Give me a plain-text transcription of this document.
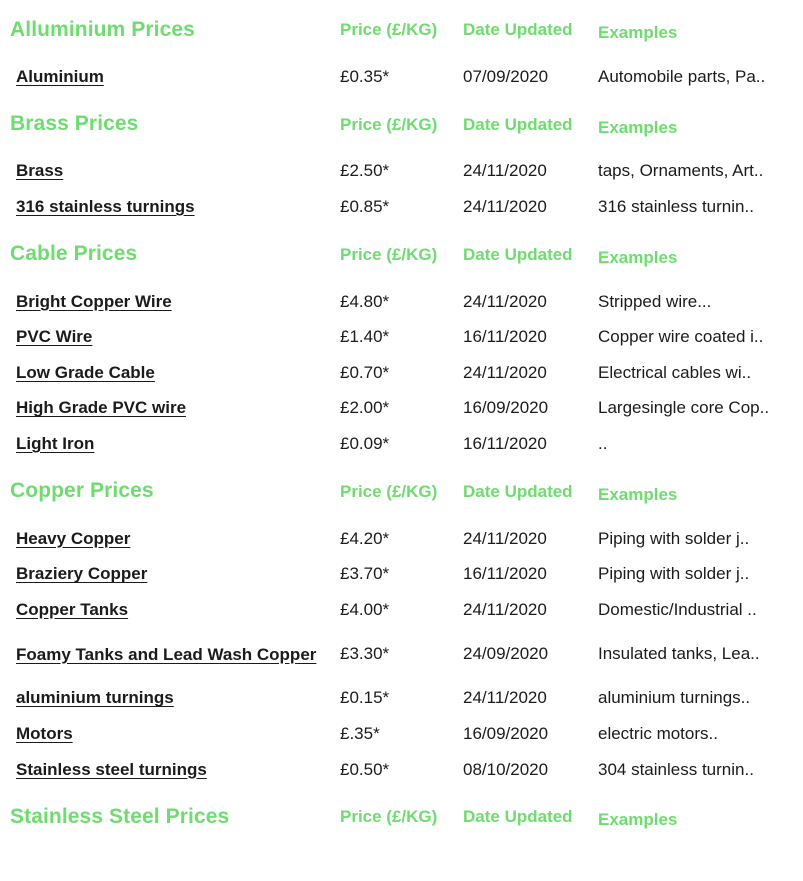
Alluminium Prices	Price (£/KG)	Date Updated	Examples
Aluminium	£0.35*	07/09/2020	Automobile parts, Pa..
Brass Prices	Price (£/KG)	Date Updated	Examples
Brass	£2.50*	24/11/2020	taps, Ornaments, Art..
316 stainless turnings	£0.85*	24/11/2020	316 stainless turnin..
Cable Prices	Price (£/KG)	Date Updated	Examples
Bright Copper Wire	£4.80*	24/11/2020	Stripped wire...
PVC Wire	£1.40*	16/11/2020	Copper wire coated i..
Low Grade Cable	£0.70*	24/11/2020	Electrical cables wi..
High Grade PVC wire	£2.00*	16/09/2020	Largesingle core Cop..
Light Iron	£0.09*	16/11/2020	..
Copper Prices	Price (£/KG)	Date Updated	Examples
Heavy Copper	£4.20*	24/11/2020	Piping with solder j..
Braziery Copper	£3.70*	16/11/2020	Piping with solder j..
Copper Tanks	£4.00*	24/11/2020	Domestic/Industrial ..
Foamy Tanks and Lead Wash Copper	£3.30*	24/09/2020	Insulated tanks, Lea..
aluminium turnings	£0.15*	24/11/2020	aluminium turnings..
Motors	£.35*	16/09/2020	electric motors..
Stainless steel turnings	£0.50*	08/10/2020	304 stainless turnin..
Stainless Steel Prices	Price (£/KG)	Date Updated	Examples
